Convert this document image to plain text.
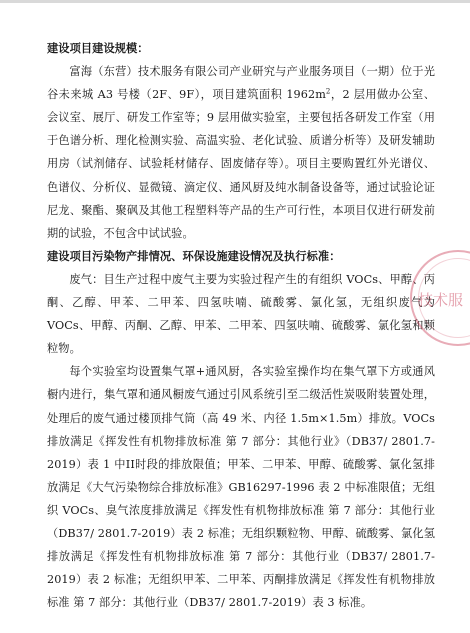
建设项目建设规模：

富海（东营）技术服务有限公司产业研究与产业服务项目（一期）位于光谷未来城 A3 号楼（2F、9F），项目建筑面积 $1962m^2$，2 层用做办公室、会议室、展厅、研发工作室等；9 层用做实验室，主要包括各研发工作室（用于色谱分析、理化检测实验、高温实验、老化试验、质谱分析等）及研发辅助用房（试剂储存、试验耗材储存、固废储存等）。项目主要购置红外光谱仪、色谱仪、分析仪、显微镜、滴定仪、通风厨及纯水制备设备等，通过试验论证尼龙、聚酯、聚砜及其他工程塑料等产品的生产可行性，本项目仅进行研发前期的试验，不包含中试试验。

建设项目污染物产排情况、环保设施建设情况及执行标准：

废气：目生产过程中废气主要为实验过程产生的有组织 VOCs、甲醇、丙酮、乙醇、甲苯、二甲苯、四氢呋喃、硫酸雾、氯化氢，无组织废气为 VOCs、甲醇、丙酮、乙醇、甲苯、二甲苯、四氢呋喃、硫酸雾、氯化氢和颗粒物。

每个实验室均设置集气罩+通风厨，各实验室操作均在集气罩下方或通风橱内进行，集气罩和通风橱废气通过引风系统引至二级活性炭吸附装置处理，处理后的废气通过楼顶排气筒（高 49 米、内径 1.5m×1.5m）排放。VOCs 排放满足《挥发性有机物排放标准 第 7 部分：其他行业》（DB37/ 2801.7-2019）表 1 中II时段的排放限值；甲苯、二甲苯、甲醇、硫酸雾、氯化氢排放满足《大气污染物综合排放标准》GB16297-1996 表 2 中标准限值；无组织 VOCs、臭气浓度排放满足《挥发性有机物排放标准 第 7 部分：其他行业（DB37/ 2801.7-2019）表 2 标准；无组织颗粒物、甲醇、硫酸雾、氯化氢排放满足《挥发性有机物排放标准 第 7 部分：其他行业（DB37/ 2801.7-2019）表 2 标准；无组织甲苯、二甲苯、丙酮排放满足《挥发性有机物排放标准 第 7 部分：其他行业（DB37/ 2801.7-2019）表 3 标准。

技术服
